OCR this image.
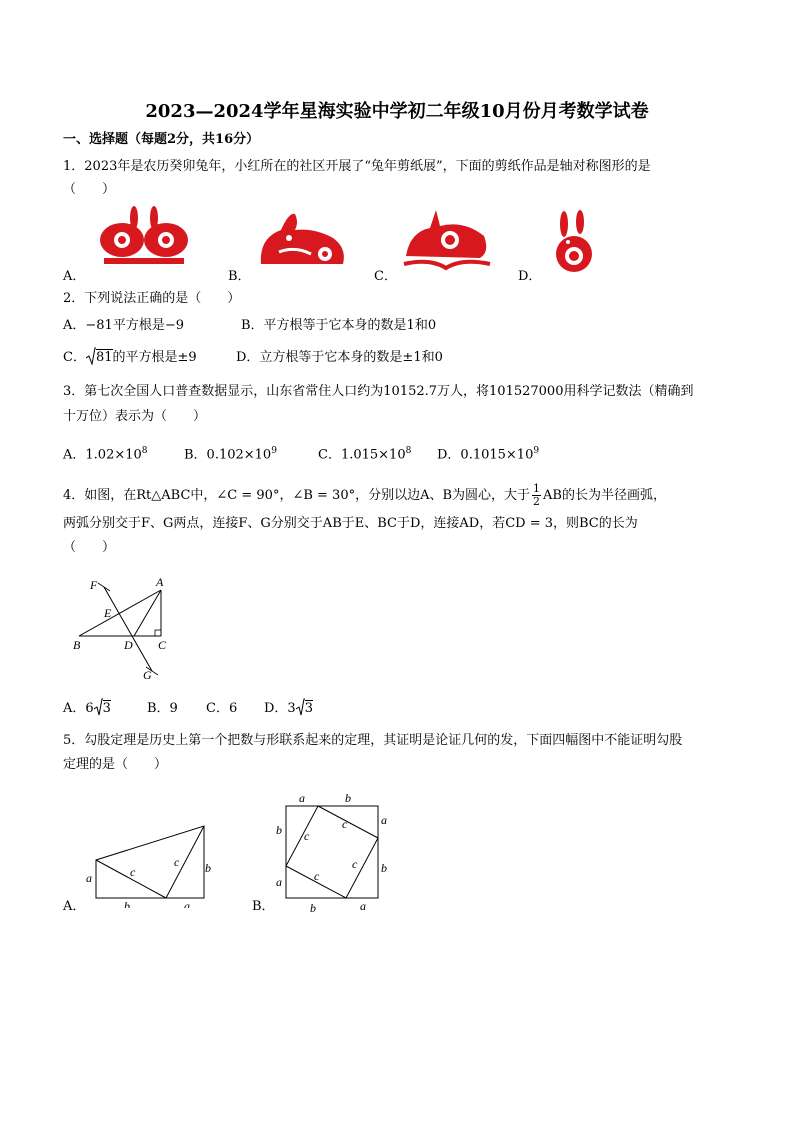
2023—2024学年星海实验中学初二年级10月份月考数学试卷
一、选择题（每题2分，共16分）
1．2023年是农历癸卯兔年，小红所在的社区开展了“兔年剪纸展”，下面的剪纸作品是轴对称图形的是
（　　）
A．	B．	C．	D．
2．下列说法正确的是（　　）
A．−81平方根是−9	B．平方根等于它本身的数是1和0
C． 81的平方根是±9	D．立方根等于它本身的数是±1和0
3．第七次全国人口普查数据显示，山东省常住人口约为10152.7万人，将101527000用科学记数法（精确到
十万位）表示为（　　）
A．$1.02\times 10^8$	B．$0.102\times 10^9$	C．$1.015\times 10^8$ D．$0.1015\times 10^9$
4．如图，在Rt△ABC中，∠C = 90°，∠B = 30°，分别以边A、B为圆心，大于 $\frac{1}{2}$ AB的长为半径画弧，
两弧分别交于F、G两点，连接F、G分别交于AB于E、BC于D，连接AD，若CD = 3，则BC的长为
（　　）
F	A
E
B	D C
G
A．6 3	B．9 C．6 D．3 3
5．勾股定理是历史上第一个把数与形联系起来的定理，其证明是论证几何的发，下面四幅图中不能证明勾股
定理的是（　　）
a	c
c b
b	a
A．
a	b
b
a
a
b
b	a
c
c
c
c
B．
